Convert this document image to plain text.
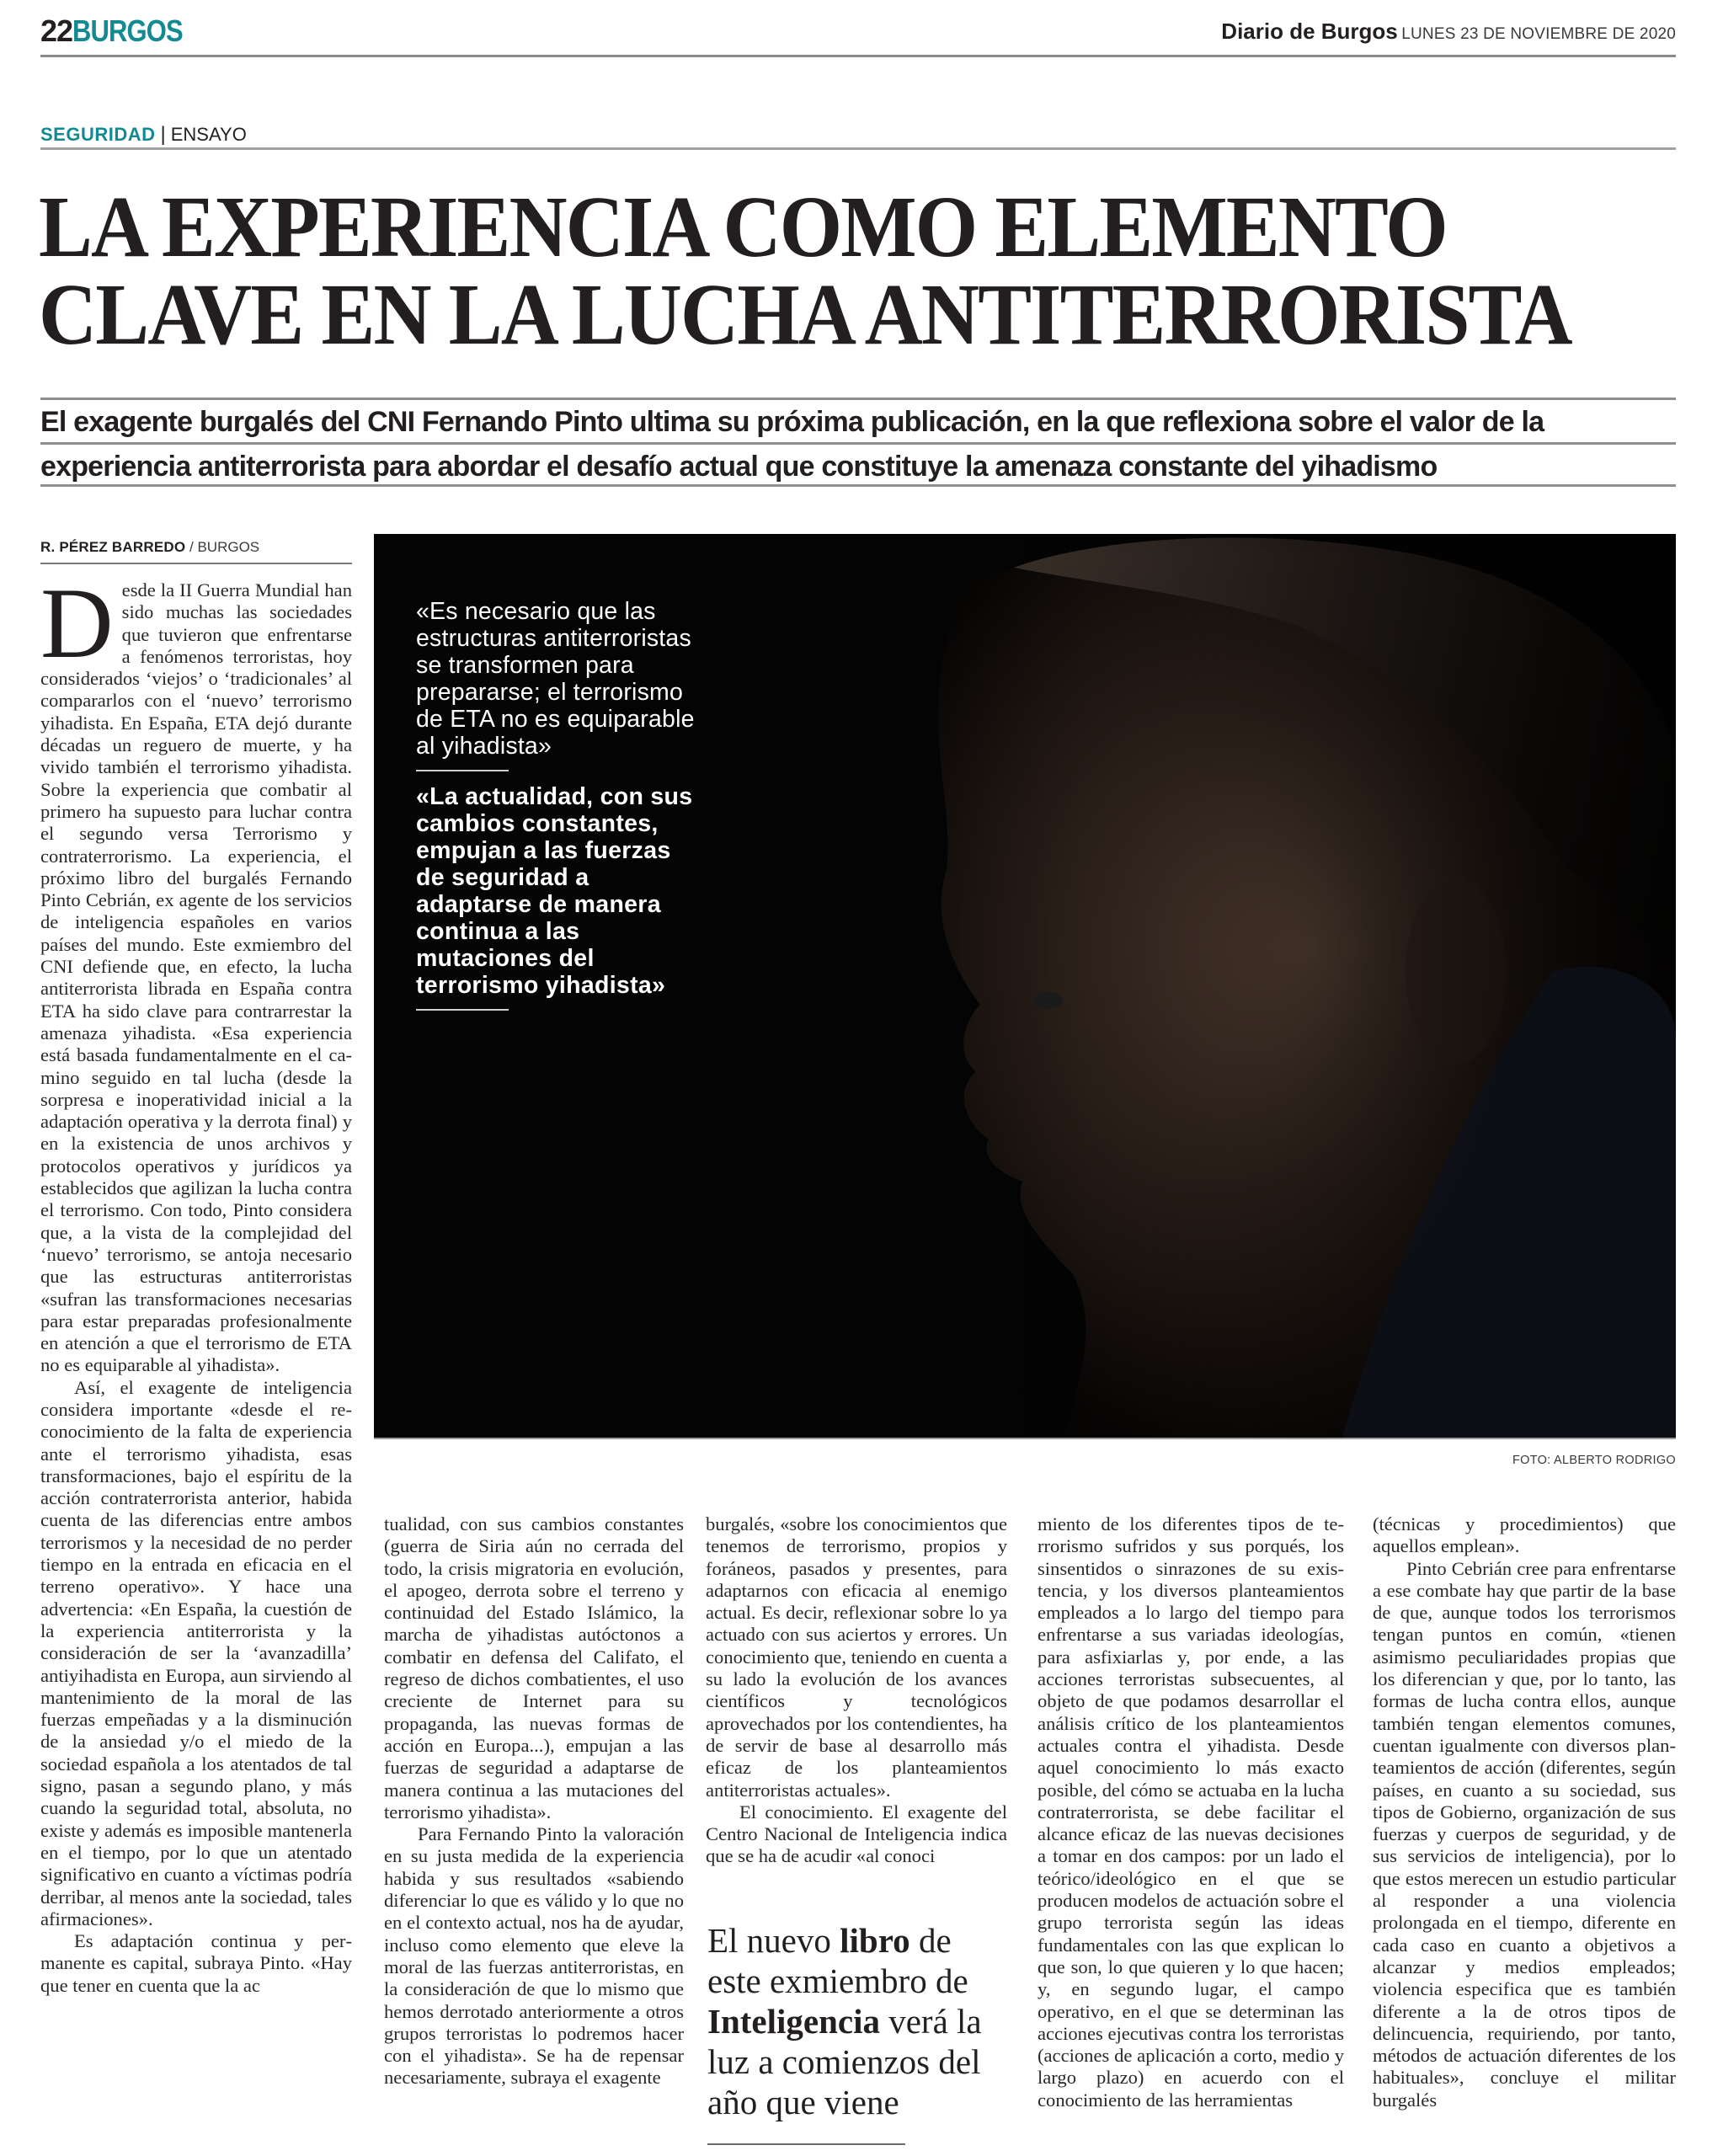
22BURGOS	Diario de Burgos LUNES 23 DE NOVIEMBRE DE 2020
SEGURIDAD | ENSAYO
LA EXPERIENCIA COMO ELEMENTO
CLAVE EN LA LUCHA ANTITERRORISTA
El exagente burgalés del CNI Fernando Pinto ultima su próxima publicación, en la que reflexiona sobre el valor de la
experiencia antiterrorista para abordar el desafío actual que constituye la amenaza constante del yihadismo
R. PÉREZ BARREDO / BURGOS

Desde la II Guerra Mundial han sido muchas las sociedades que tuvieron que enfrentarse a fenómenos terroristas, hoy considerados ‘viejos’ o ‘tradicionales’ al compararlos con el ‘nuevo’ terrorismo yihadista. En España, ETA dejó durante décadas un reguero de muerte, y ha vivido también el terrorismo yihadista. Sobre la experiencia que combatir al primero ha supuesto para luchar contra el segundo versa Terrorismo y contraterrorismo. La experiencia, el próximo libro del burgalés Fernando Pinto Cebrián, ex agente de los servicios de inteligencia españoles en varios países del mundo. Este exmiembro del CNI defiende que, en efecto, la lucha antiterrorista librada en España contra ETA ha sido clave para contrarrestar la amenaza yihadista. «Esa experiencia está basada fundamentalmente en el camino seguido en tal lucha (desde la sorpresa e inoperatividad inicial a la adaptación operativa y la derrota final) y en la existencia de unos archivos y protocolos operativos y jurídicos ya establecidos que agilizan la lucha contra el terrorismo. Con todo, Pinto considera que, a la vista de la complejidad del ‘nuevo’ terrorismo, se antoja necesario que las estructuras antiterroristas «sufran las transformaciones necesarias para estar preparadas profesionalmente en atención a que el terrorismo de ETA no es equiparable al yihadista».

Así, el exagente de inteligencia considera importante «desde el reconocimiento de la falta de experiencia ante el terrorismo yihadista, esas transformaciones, bajo el espíritu de la acción contraterrorista anterior, habida cuenta de las diferencias entre ambos terrorismos y la necesidad de no perder tiempo en la entrada en eficacia en el terreno operativo». Y hace una advertencia: «En España, la cuestión de la experiencia antiterrorista y la consideración de ser la ‘avanzadilla’ antiyihadista en Europa, aun sirviendo al mantenimiento de la moral de las fuerzas empeñadas y a la disminución de la ansiedad y/o el miedo de la sociedad española a los atentados de tal signo, pasan a segundo plano, y más cuando la seguridad total, absoluta, no existe y además es imposible mantenerla en el tiempo, por lo que un atentado significativo en cuanto a víctimas podría derribar, al menos ante la sociedad, tales afirmaciones».

Es adaptación continua y permanente es capital, subraya Pinto. «Hay que tener en cuenta que la ac

«Es necesario que las estructuras antiterroristas se transformen para prepararse; el terrorismo de ETA no es equiparable al yihadista»

«La actualidad, con sus cambios constantes, empujan a las fuerzas de seguridad a adaptarse de manera continua a las mutaciones del terrorismo yihadista»

FOTO: ALBERTO RODRIGO

tualidad, con sus cambios constantes (guerra de Siria aún no cerrada del todo, la crisis migratoria en evolución, el apogeo, derrota sobre el terreno y continuidad del Estado Islámico, la marcha de yihadistas autóctonos a combatir en defensa del Califato, el regreso de dichos combatientes, el uso creciente de Internet para su propaganda, las nuevas formas de acción en Europa...), empujan a las fuerzas de seguridad a adaptarse de manera continua a las mutaciones del terrorismo yihadista».

Para Fernando Pinto la valoración en su justa medida de la experiencia habida y sus resultados «sabiendo diferenciar lo que es válido y lo que no en el contexto actual, nos ha de ayudar, incluso como elemento que eleve la moral de las fuerzas antiterroristas, en la consideración de que lo mismo que hemos derrotado anteriormente a otros grupos terroristas lo podremos hacer con el yihadista». Se ha de repensar necesariamente, subraya el exagente

burgalés, «sobre los conocimientos que tenemos de terrorismo, propios y foráneos, pasados y presentes, para adaptarnos con eficacia al enemigo actual. Es decir, reflexionar sobre lo ya actuado con sus aciertos y errores. Un conocimiento que, teniendo en cuenta a su lado la evolución de los avances científicos y tecnológicos aprovechados por los contendientes, ha de servir de base al desarrollo más eficaz de los planteamientos antiterroristas actuales».

El conocimiento. El exagente del Centro Nacional de Inteligencia indica que se ha de acudir «al conoci

El nuevo libro de este exmiembro de Inteligencia verá la luz a comienzos del año que viene

miento de los diferentes tipos de terrorismo sufridos y sus porqués, los sinsentidos o sinrazones de su existencia, y los diversos planteamientos empleados a lo largo del tiempo para enfrentarse a sus variadas ideologías, para asfixiarlas y, por ende, a las acciones terroristas subsecuentes, al objeto de que podamos desarrollar el análisis crítico de los planteamientos actuales contra el yihadista. Desde aquel conocimiento lo más exacto posible, del cómo se actuaba en la lucha contraterrorista, se debe facilitar el alcance eficaz de las nuevas decisiones a tomar en dos campos: por un lado el teórico/ideológico en el que se producen modelos de actuación sobre el grupo terrorista según las ideas fundamentales con las que explican lo que son, lo que quieren y lo que hacen; y, en segundo lugar, el campo operativo, en el que se determinan las acciones ejecutivas contra los terroristas (acciones de aplicación a corto, medio y largo plazo) en acuerdo con el conocimiento de las herramientas

(técnicas y procedimientos) que aquellos emplean».

Pinto Cebrián cree para enfrentarse a ese combate hay que partir de la base de que, aunque todos los terrorismos tengan puntos en común, «tienen asimismo peculiaridades propias que los diferencian y que, por lo tanto, las formas de lucha contra ellos, aunque también tengan elementos comunes, cuentan igualmente con diversos planteamientos de acción (diferentes, según países, en cuanto a su sociedad, sus tipos de Gobierno, organización de sus fuerzas y cuerpos de seguridad, y de sus servicios de inteligencia), por lo que estos merecen un estudio particular al responder a una violencia prolongada en el tiempo, diferente en cada caso en cuanto a objetivos a alcanzar y medios empleados; violencia especifica que es también diferente a la de otros tipos de delincuencia, requiriendo, por tanto, métodos de actuación diferentes de los habituales», concluye el militar burgalés
